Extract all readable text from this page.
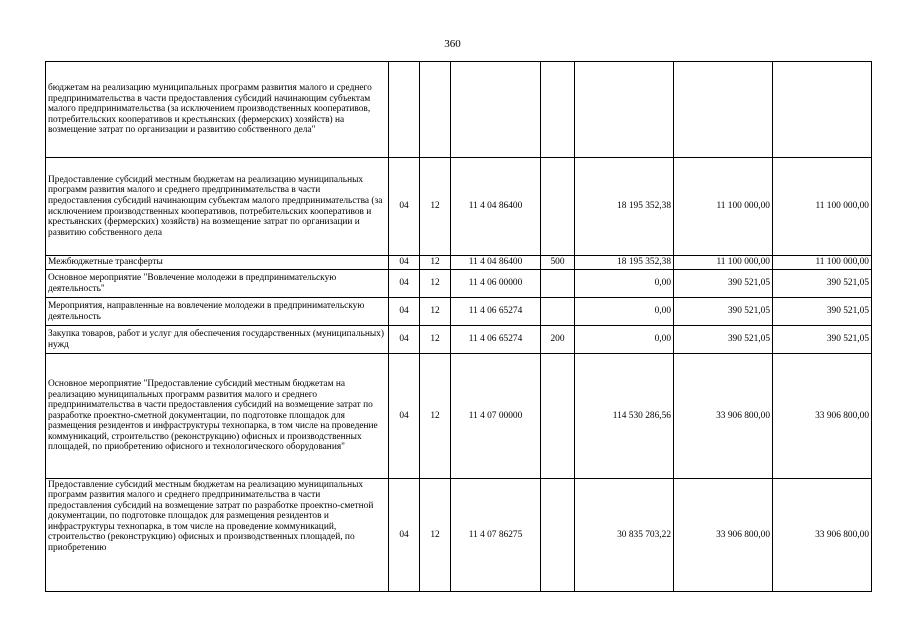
360
бюджетам на реализацию муниципальных программ развития малого и среднего предпринимательства в части предоставления субсидий начинающим субъектам малого предпринимательства (за исключением производственных кооперативов, потребительских кооперативов и крестьянских (фермерских) хозяйств) на возмещение затрат по организации и развитию собственного дела"							
Предоставление субсидий местным бюджетам на реализацию муниципальных программ развития малого и среднего предпринимательства в части предоставления субсидий начинающим субъектам малого предпринимательства (за исключением производственных кооперативов, потребительских кооперативов и крестьянских (фермерских) хозяйств) на возмещение затрат по организации и развитию собственного дела	04	12	11 4 04 86400		18 195 352,38	11 100 000,00	11 100 000,00
Межбюджетные трансферты	04	12	11 4 04 86400	500	18 195 352,38	11 100 000,00	11 100 000,00
Основное мероприятие "Вовлечение молодежи в предпринимательскую деятельность"	04	12	11 4 06 00000		0,00	390 521,05	390 521,05
Мероприятия, направленные на вовлечение молодежи в предпринимательскую деятельность	04	12	11 4 06 65274		0,00	390 521,05	390 521,05
Закупка товаров, работ и услуг для обеспечения государственных (муниципальных) нужд	04	12	11 4 06 65274	200	0,00	390 521,05	390 521,05
Основное мероприятие "Предоставление субсидий местным бюджетам на реализацию муниципальных программ развития малого и среднего предпринимательства в части предоставления субсидий на возмещение затрат по разработке проектно-сметной документации, по подготовке площадок для размещения резидентов и инфраструктуры технопарка, в том числе на проведение коммуникаций, строительство (реконструкцию) офисных и производственных площадей, по приобретению офисного и технологического оборудования"	04	12	11 4 07 00000		114 530 286,56	33 906 800,00	33 906 800,00

Предоставление субсидий местным бюджетам на реализацию муниципальных программ развития малого и среднего предпринимательства в части предоставления субсидий на возмещение затрат по разработке проектно-сметной документации, по подготовке площадок для размещения резидентов и инфраструктуры технопарка, в том числе на проведение коммуникаций, строительство (реконструкцию) офисных и производственных площадей, по приобретению	04	12	11 4 07 86275		30 835 703,22	33 906 800,00	33 906 800,00
